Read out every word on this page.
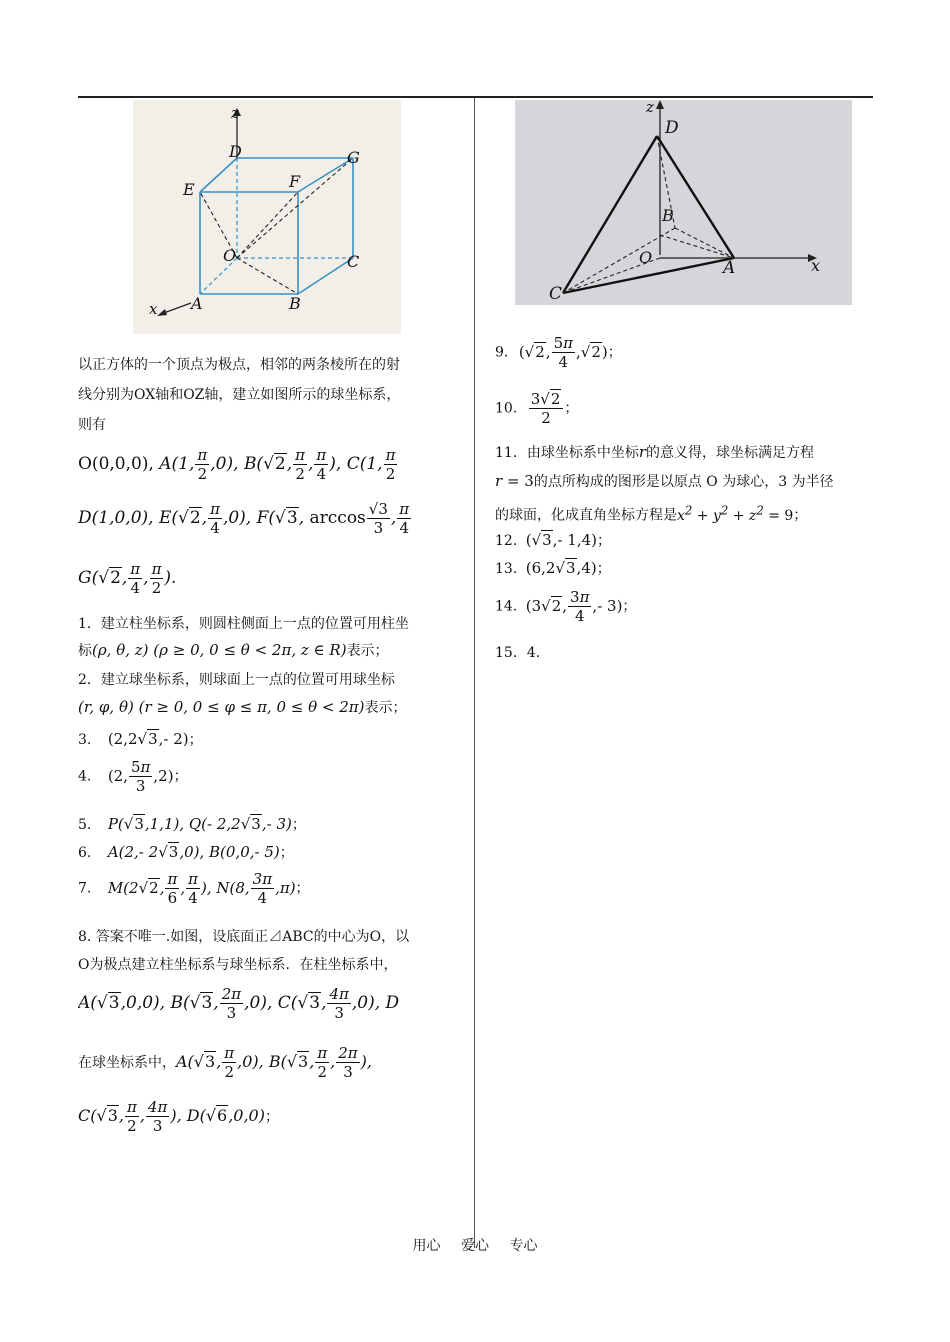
z
D	G
E	F
O	C
x A	B
z
D
B
O
A	x
C
以正方体的一个顶点为极点，相邻的两条棱所在的射
线分别为OX轴和OZ轴，建立如图所示的球坐标系，
则有
O(0,0,0), A(1, $\frac{\pi}{2} ,0$), B(√2, $\frac{\pi}{2}$ , $\frac{\pi}{4}$ ), C(1, $\frac{\pi}{2}$
D(1,0,0), E(√2, $\frac{\pi}{4} ,0$), F(√3, $\arccos \frac{√3}{3}$ , $\frac{\pi}{4}$
G(√2, $\frac{\pi}{4}$ , $\frac{\pi}{2}$ ).
1．建立柱坐标系，则圆柱侧面上一点的位置可用柱坐
标(ρ, θ, z) (ρ ≥ 0, 0 ≤ θ < 2π, z ∈ R)表示；
2．建立球坐标系，则球面上一点的位置可用球坐标
(r, φ, θ) (r ≥ 0, 0 ≤ φ ≤ π, 0 ≤ θ < 2π)表示；
3. (2,2√3,- 2)；
4. (2, $\frac{5\pi}{3} ,2$)；
5. P(√3,1,1), Q(- 2,2√3,- 3)；
6. A(2,- 2√3,0), B(0,0,- 5)；
7. M(2√2, $\frac{\pi}{6}$ , $\frac{\pi}{4}$ ), N(8, $\frac{3\pi}{4} ,\pi$)；
8. 答案不唯一.如图，设底面正⊿ABC的中心为O，以
O为极点建立柱坐标系与球坐标系．在柱坐标系中，
A(√3,0,0), B(√3, $\frac{2\pi}{3} ,0$), C(√3, $\frac{4\pi}{3} ,0$), D
在球坐标系中，A(√3, $\frac{\pi}{2} ,0$), B(√3, $\frac{\pi}{2}$ , $\frac{2\pi}{3}$ ),
C(√3, $\frac{\pi}{2}$ , $\frac{4\pi}{3}$ ), D(√6,0,0)；
9. (√2, $\frac{5\pi}{4} ,√2$)；
10. $\frac{3√2}{2}$ ；
11．由球坐标系中坐标r的意义得，球坐标满足方程
r = 3的点所构成的图形是以原点 O 为球心，3 为半径
的球面，化成直角坐标方程是$x^2 + y^2 + z^2 = 9$；
12. (√3,- 1,4)；
13. (6,2√3,4)；
14. (3√2, $\frac{3\pi}{4}$ ,- 3)；
15．4.
用心 爱心 专心
